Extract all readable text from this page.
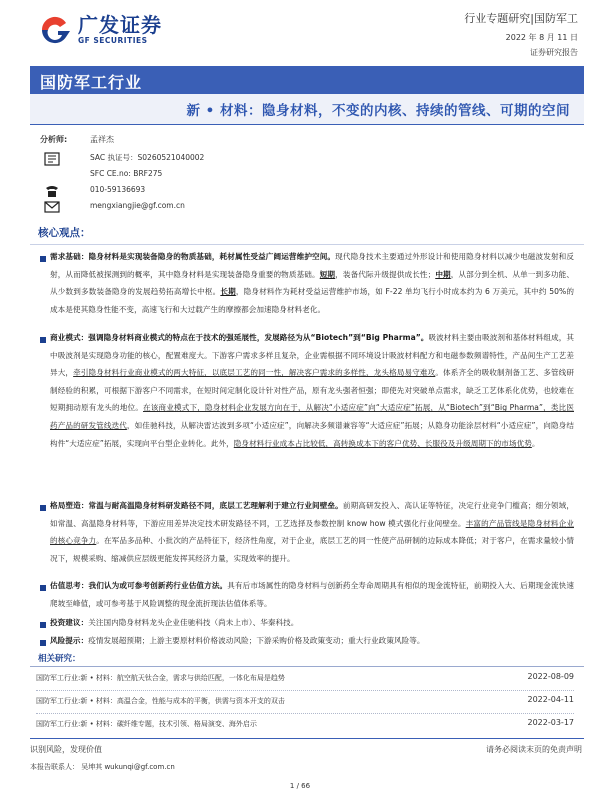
广发证券
GF SECURITIES
行业专题研究|国防军工
2022 年 8 月 11 日
证券研究报告
国防军工行业
新 • 材料：隐身材料，不变的内核、持续的管线、可期的空间
分析师:	孟祥杰
SAC 执证号：S0260521040002
SFC CE.no: BRF275
010-59136693
mengxiangjie@gf.com.cn
核心观点：
需求基础：隐身材料是实现装备隐身的物质基础，耗材属性受益广阔运营维护空间。现代隐身技术主要通过外形设计和使用隐身材料以减少电磁波发射和反射，从而降低被探测到的概率，其中隐身材料是实现装备隐身重要的物质基础。短期，装备代际升级提供成长性；中期，从部分到全机、从单一到多功能、从少数到多数装备隐身的发展趋势拓高增长中枢。长期，隐身材料作为耗材受益运营维护市场，如 F-22 单均飞行小时成本约为 6 万美元，其中约 50%的成本是使其隐身性能不变，高速飞行和大过载产生的摩擦都会加速隐身材料老化。
商业模式：强调隐身材料商业模式的特点在于技术的强延展性，发展路径为从“Biotech”到“Big Pharma”。吸波材料主要由吸波剂和基体材料组成，其中吸波剂是实现隐身功能的核心，配置难度大。下游客户需求多样且复杂，企业需根据不同环境设计吸波材料配方和电磁参数频谱特性，产品间生产工艺差异大，牵引隐身材料行业商业模式的两大特征，以底层工艺的同一性，解决客户需求的多样性，龙头格局易守难攻。体系齐全的吸收制剂备工艺、多管线研制经验的积累，可根据下游客户不同需求，在短时间定制化设计针对性产品，原有龙头强者恒强；即使先对突破单点需求，缺乏工艺体系化优势，也较难在短期拥动原有龙头的地位。在该商业模式下，隐身材料企业发展方向在于，从解决“小适应症”向“大适应症”拓展，从“Biotech”到“Big Pharma”，类比医药产品的研发管线迭代，如佳驰科技，从解决雷达波到多项“小适应症”，向解决多频谱兼容等“大适应症”拓展；从隐身功能涂层材料“小适应症”，向隐身结构件“大适应症”拓展，实现向平台型企业转化。此外，隐身材料行业成本占比较低，高转换成本下的客户优势、长服役及升级周期下的市场优势。
格局塑造：常温与耐高温隐身材料研发路径不同，底层工艺理解利于建立行业间壁垒。前期高研发投入、高认证等特征，决定行业竞争门槛高；细分领域，如常温、高温隐身材料等，下游应用差异决定技术研发路径不同，工艺选择及参数控制 know how 模式强化行业间壁垒。丰富的产品管线是隐身材料企业的核心竞争力。在军品多品种、小批次的产品特征下，经济性角度，对于企业，底层工艺的同一性使产品研制的边际成本降低；对于客户，在需求量较小情况下，规模采购、缩减供应层级更能发挥其经济力量，实现效率的提升。
估值思考：我们认为或可参考创新药行业估值方法。具有后市场属性的隐身材料与创新药全寿命周期具有相似的现金流特征，前期投入大、后期现金流快速爬坡至峰值，或可参考基于风险调整的现金流折现法估值体系等。
投资建议：关注国内隐身材料龙头企业佳驰科技（尚未上市）、华秦科技。
风险提示：疫情发展超预期；上游主要原材料价格波动风险；下游采购价格及政策变动；重大行业政策风险等。
相关研究：
国防军工行业:新 • 材料：航空航天钛合金，需求与供给匹配，一体化布局是趋势	2022-08-09
国防军工行业:新 • 材料：高温合金，性能与成本的平衡，供需与资本开支的双击	2022-04-11
国防军工行业:新 • 材料：碳纤维专题，技术引领、格局演变、海外启示	2022-03-17
识别风险，发现价值	请务必阅读末页的免责声明
本报告联系人： 吴坤其 wukunqi@gf.com.cn
1 / 66
